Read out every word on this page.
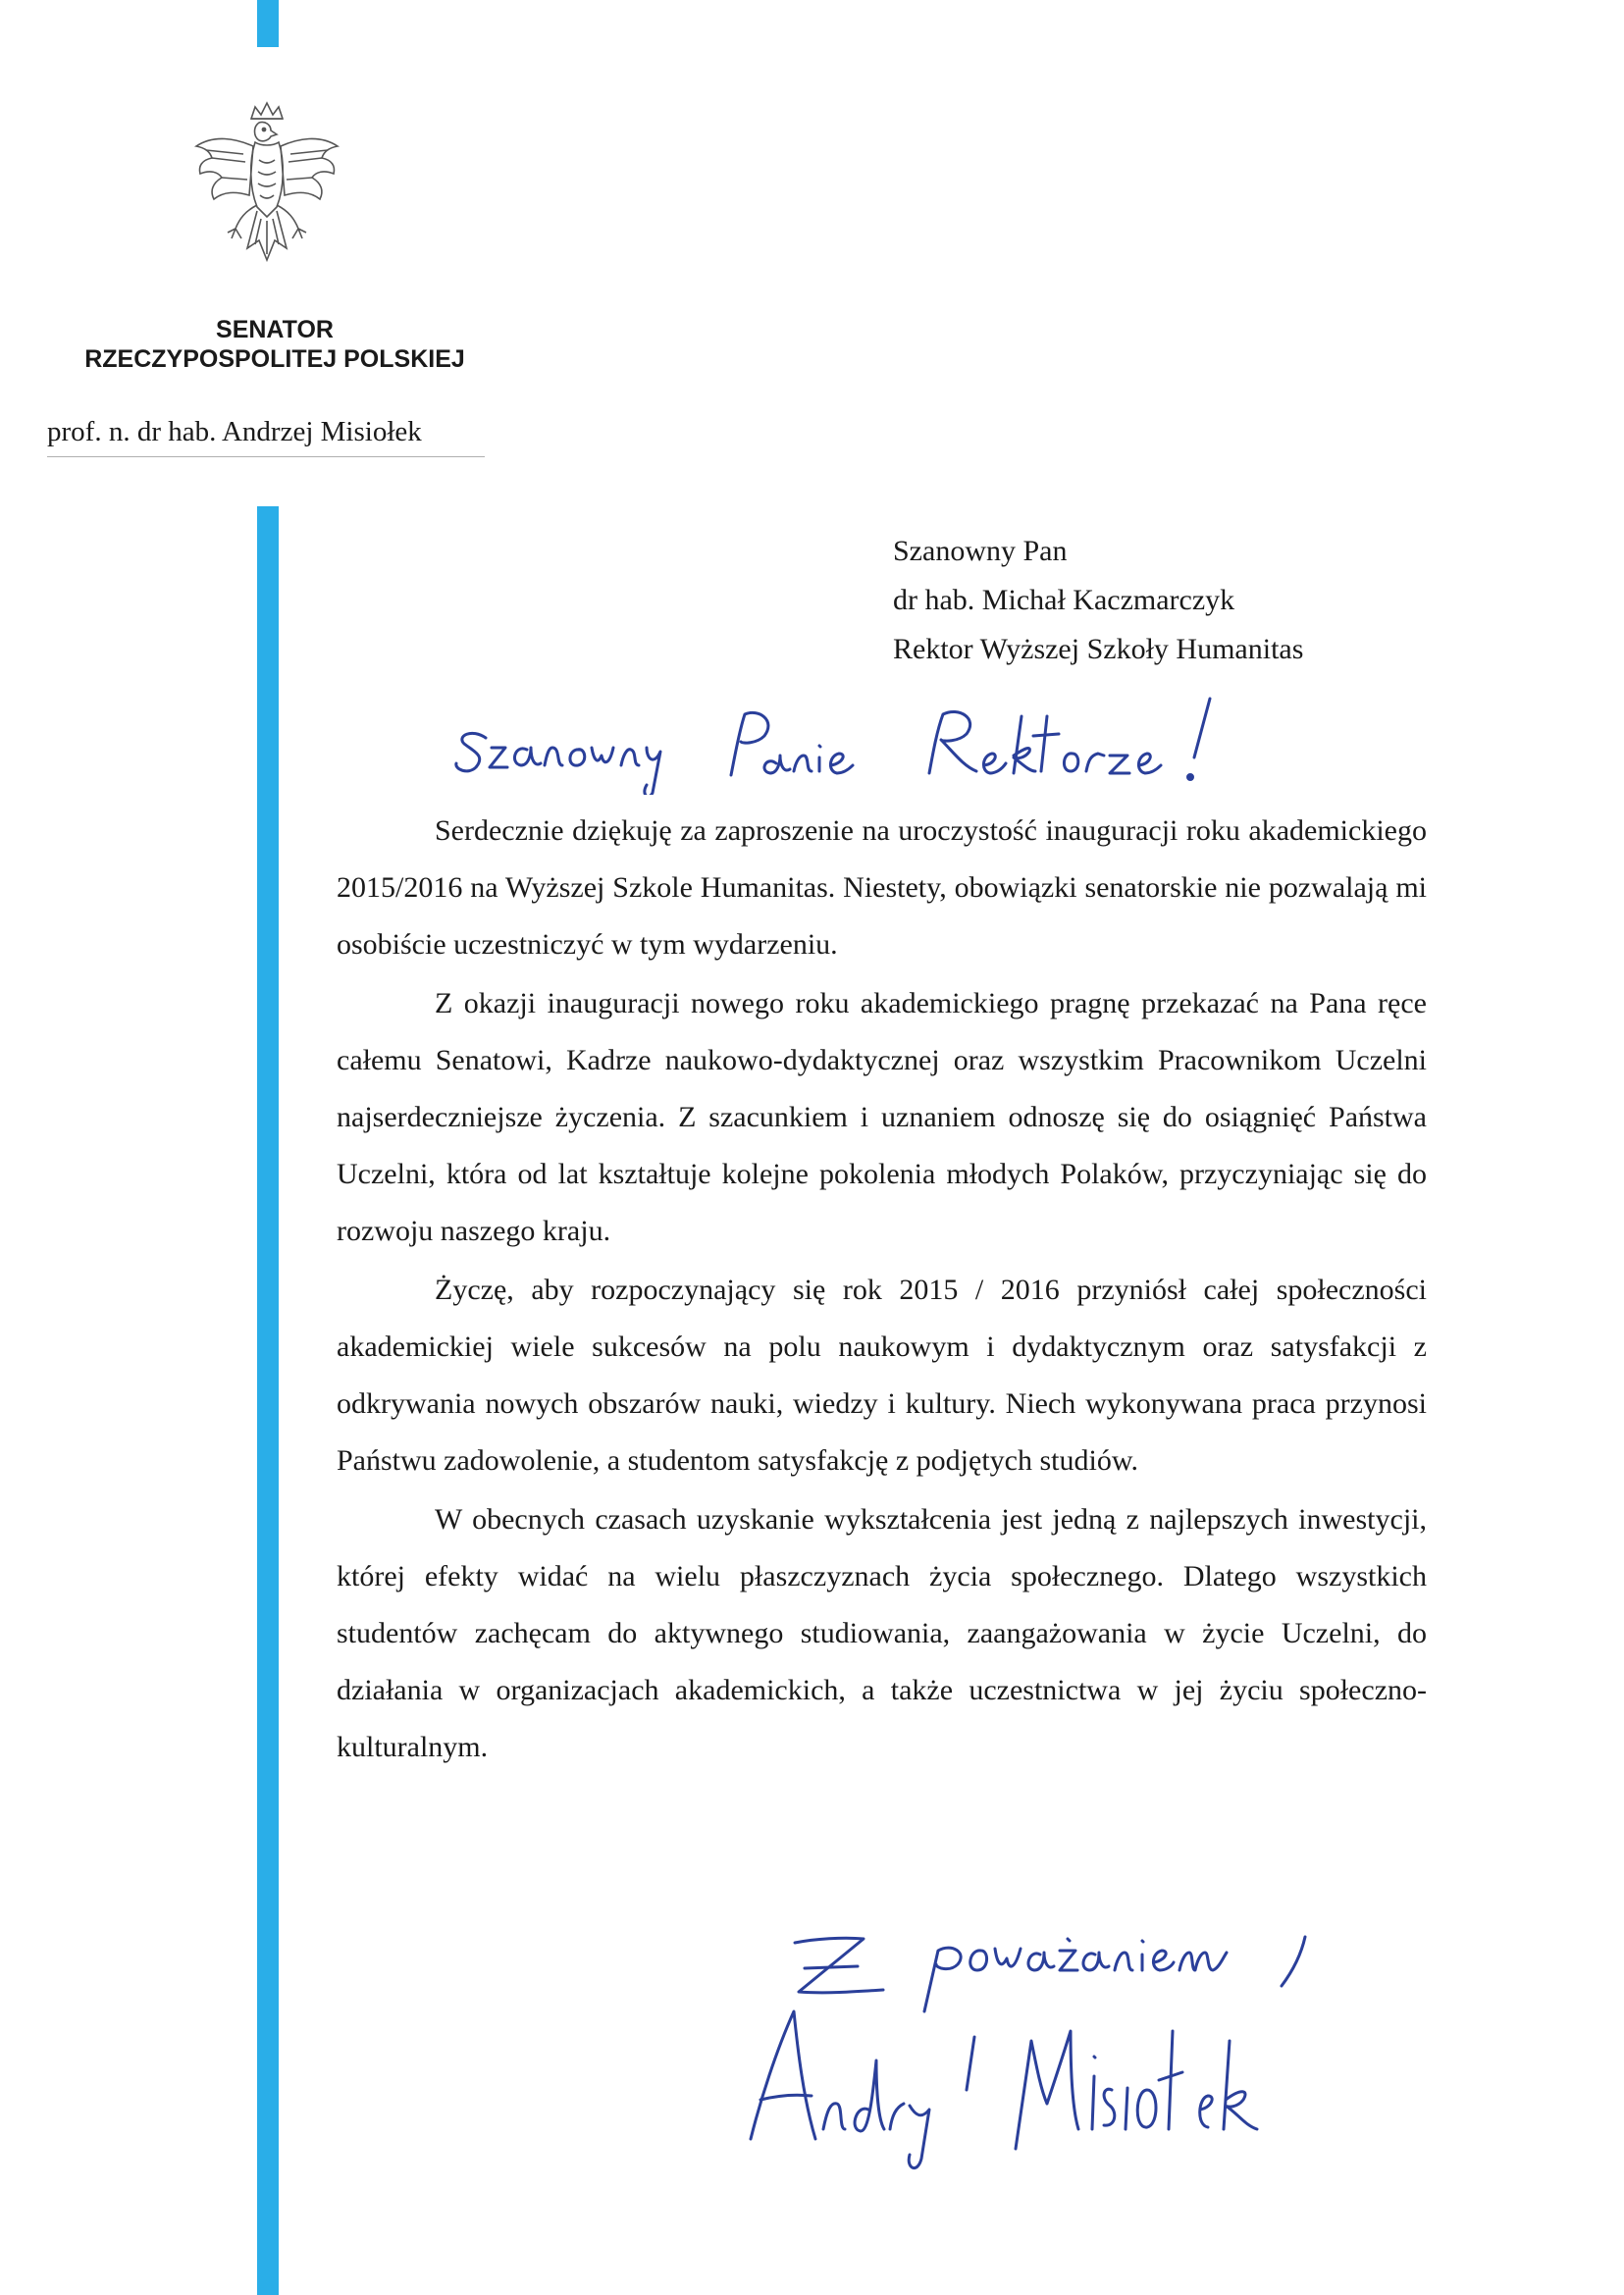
SENATOR
RZECZYPOSPOLITEJ POLSKIEJ
prof. n. dr hab. Andrzej Misiołek
Szanowny Pan
dr hab. Michał Kaczmarczyk
Rektor Wyższej Szkoły Humanitas

Serdecznie dziękuję za zaproszenie na uroczystość inauguracji roku akademickiego 2015/2016 na Wyższej Szkole Humanitas. Niestety, obowiązki senatorskie nie pozwalają mi osobiście uczestniczyć w tym wydarzeniu.

Z okazji inauguracji nowego roku akademickiego pragnę przekazać na Pana ręce całemu Senatowi, Kadrze naukowo-dydaktycznej oraz wszystkim Pracownikom Uczelni najserdeczniejsze życzenia. Z szacunkiem i uznaniem odnoszę się do osiągnięć Państwa Uczelni, która od lat kształtuje kolejne pokolenia młodych Polaków, przyczyniając się do rozwoju naszego kraju.

Życzę, aby rozpoczynający się rok 2015 / 2016 przyniósł całej społeczności akademickiej wiele sukcesów na polu naukowym i dydaktycznym oraz satysfakcji z odkrywania nowych obszarów nauki, wiedzy i kultury. Niech wykonywana praca przynosi Państwu zadowolenie, a studentom satysfakcję z podjętych studiów.

W obecnych czasach uzyskanie wykształcenia jest jedną z najlepszych inwestycji, której efekty widać na wielu płaszczyznach życia społecznego. Dlatego wszystkich studentów zachęcam do aktywnego studiowania, zaangażowania w życie Uczelni, do działania w organizacjach akademickich, a także uczestnictwa w jej życiu społeczno-kulturalnym.
